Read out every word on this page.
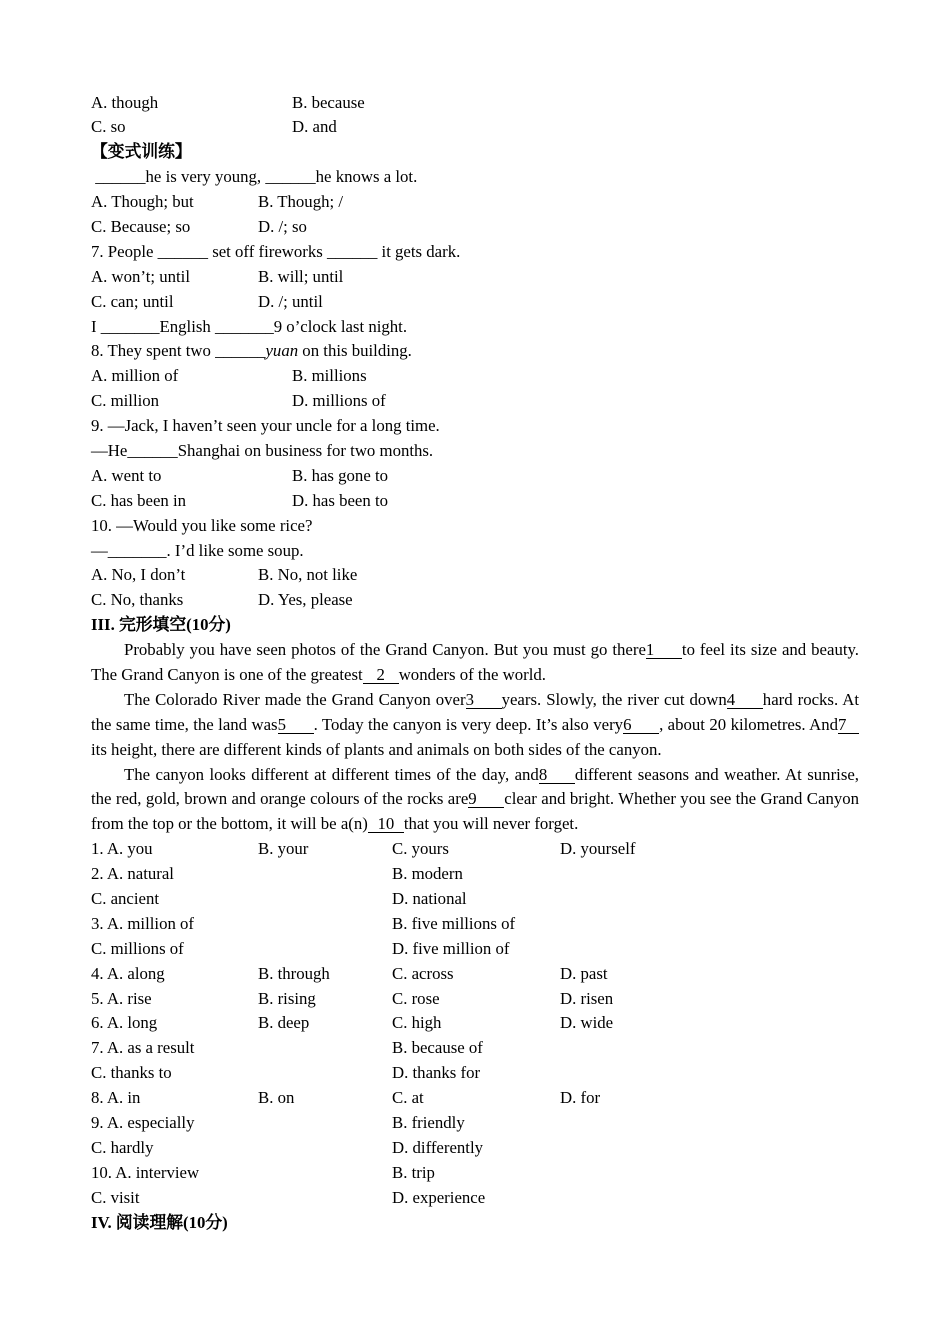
A. though	B. because
C. so	D. and
【变式训练】
______he is very young, ______he knows a lot.
A. Though; but	B. Though; /
C. Because; so	D. /; so
7. People ______ set off fireworks ______ it gets dark.
A. won’t; until	B. will; until
C. can; until	D. /; until
I _______English _______9 o’clock last night.
8. They spent two ______yuan on this building.
A. million of	B. millions
C. million	D. millions of
9. —Jack, I haven’t seen your uncle for a long time.
—He______Shanghai on business for two months.
A. went to	B. has gone to
C. has been in	D. has been to
10. —Would you like some rice?
—_______. I’d like some soup.
A. No, I don’t	B. No, not like
C. No, thanks	D. Yes, please
III. 完形填空(10分)
Probably you have seen photos of the Grand Canyon. But you must go there1 to feel its size and beauty.
The Grand Canyon is one of the greatest 2 wonders of the world.
The Colorado River made the Grand Canyon over3 years. Slowly, the river cut down4 hard rocks. At
the same time, the land was5 . Today the canyon is very deep. It’s also very6 , about 20 kilometres. And7
its height, there are different kinds of plants and animals on both sides of the canyon.
The canyon looks different at different times of the day, and8 different seasons and weather. At sunrise,
the red, gold, brown and orange colours of the rocks are9 clear and bright. Whether you see the Grand Canyon
from the top or the bottom, it will be a(n) 10 that you will never forget.
1. A. you	B. your	C. yours	D. yourself
2. A. natural	B. modern
C. ancient	D. national
3. A. million of	B. five millions of
C. millions of	D. five million of
4. A. along	B. through	C. across	D. past
5. A. rise	B. rising	C. rose	D. risen
6. A. long	B. deep	C. high	D. wide
7. A. as a result	B. because of
C. thanks to	D. thanks for
8. A. in	B. on	C. at	D. for
9. A. especially	B. friendly
C. hardly	D. differently
10. A. interview	B. trip
C. visit	D. experience
IV. 阅读理解(10分)
